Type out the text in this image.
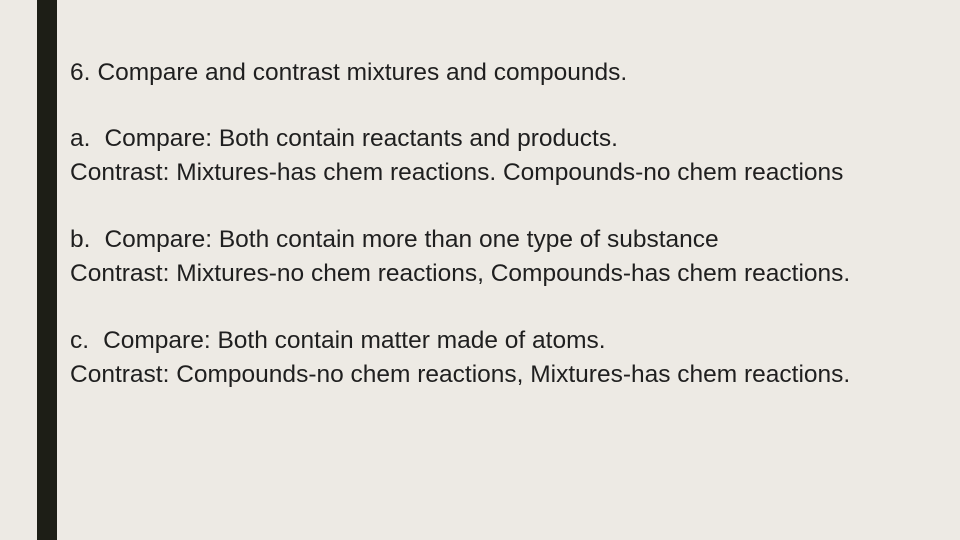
6. Compare and contrast mixtures and compounds.
a. Compare: Both contain reactants and products.
Contrast: Mixtures-has chem reactions. Compounds-no chem reactions
b. Compare: Both contain more than one type of substance
Contrast: Mixtures-no chem reactions, Compounds-has chem reactions.
c. Compare: Both contain matter made of atoms.
Contrast: Compounds-no chem reactions, Mixtures-has chem reactions.
